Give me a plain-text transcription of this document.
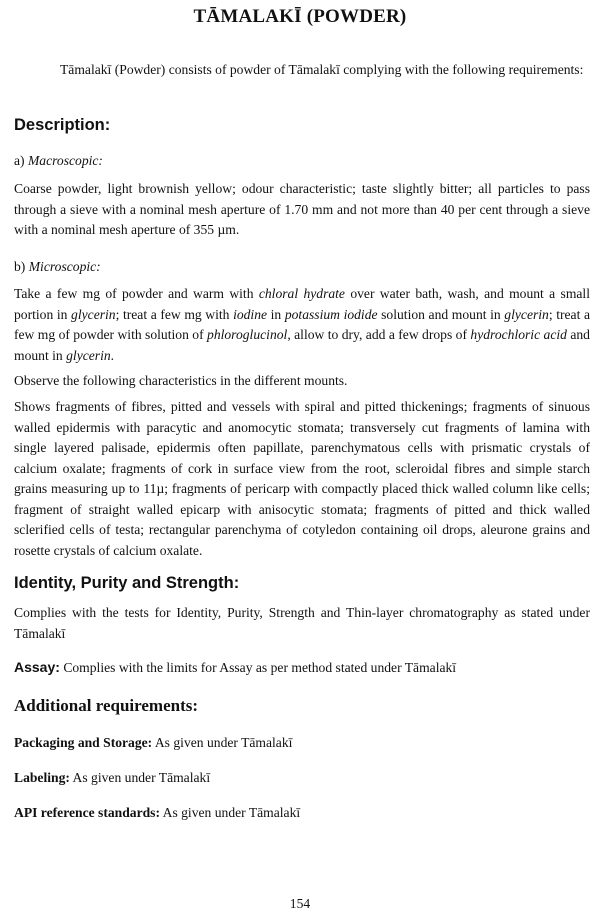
TĀMALAKĪ (POWDER)
Tāmalakī (Powder) consists of powder of Tāmalakī complying with the following requirements:
Description:
a) Macroscopic:
Coarse powder, light brownish yellow; odour characteristic; taste slightly bitter; all particles to pass through a sieve with a nominal mesh aperture of 1.70 mm and not more than 40 per cent through a sieve with a nominal mesh aperture of 355 µm.
b) Microscopic:
Take a few mg of powder and warm with chloral hydrate over water bath, wash, and mount a small portion in glycerin; treat a few mg with iodine in potassium iodide solution and mount in glycerin; treat a few mg of powder with solution of phloroglucinol, allow to dry, add a few drops of hydrochloric acid and mount in glycerin.
Observe the following characteristics in the different mounts.
Shows fragments of fibres, pitted and vessels with spiral and pitted thickenings; fragments of sinuous walled epidermis with paracytic and anomocytic stomata; transversely cut fragments of lamina with single layered palisade, epidermis often papillate, parenchymatous cells with prismatic crystals of calcium oxalate; fragments of cork in surface view from the root, scleroidal fibres and simple starch grains measuring up to 11µ; fragments of pericarp with compactly placed thick walled column like cells; fragment of straight walled epicarp with anisocytic stomata; fragments of pitted and thick walled sclerified cells of testa; rectangular parenchyma of cotyledon containing oil drops, aleurone grains and rosette crystals of calcium oxalate.
Identity, Purity and Strength:
Complies with the tests for Identity, Purity, Strength and Thin-layer chromatography as stated under Tāmalakī
Assay: Complies with the limits for Assay as per method stated under Tāmalakī
Additional requirements:
Packaging and Storage: As given under Tāmalakī
Labeling: As given under Tāmalakī
API reference standards: As given under Tāmalakī
154
